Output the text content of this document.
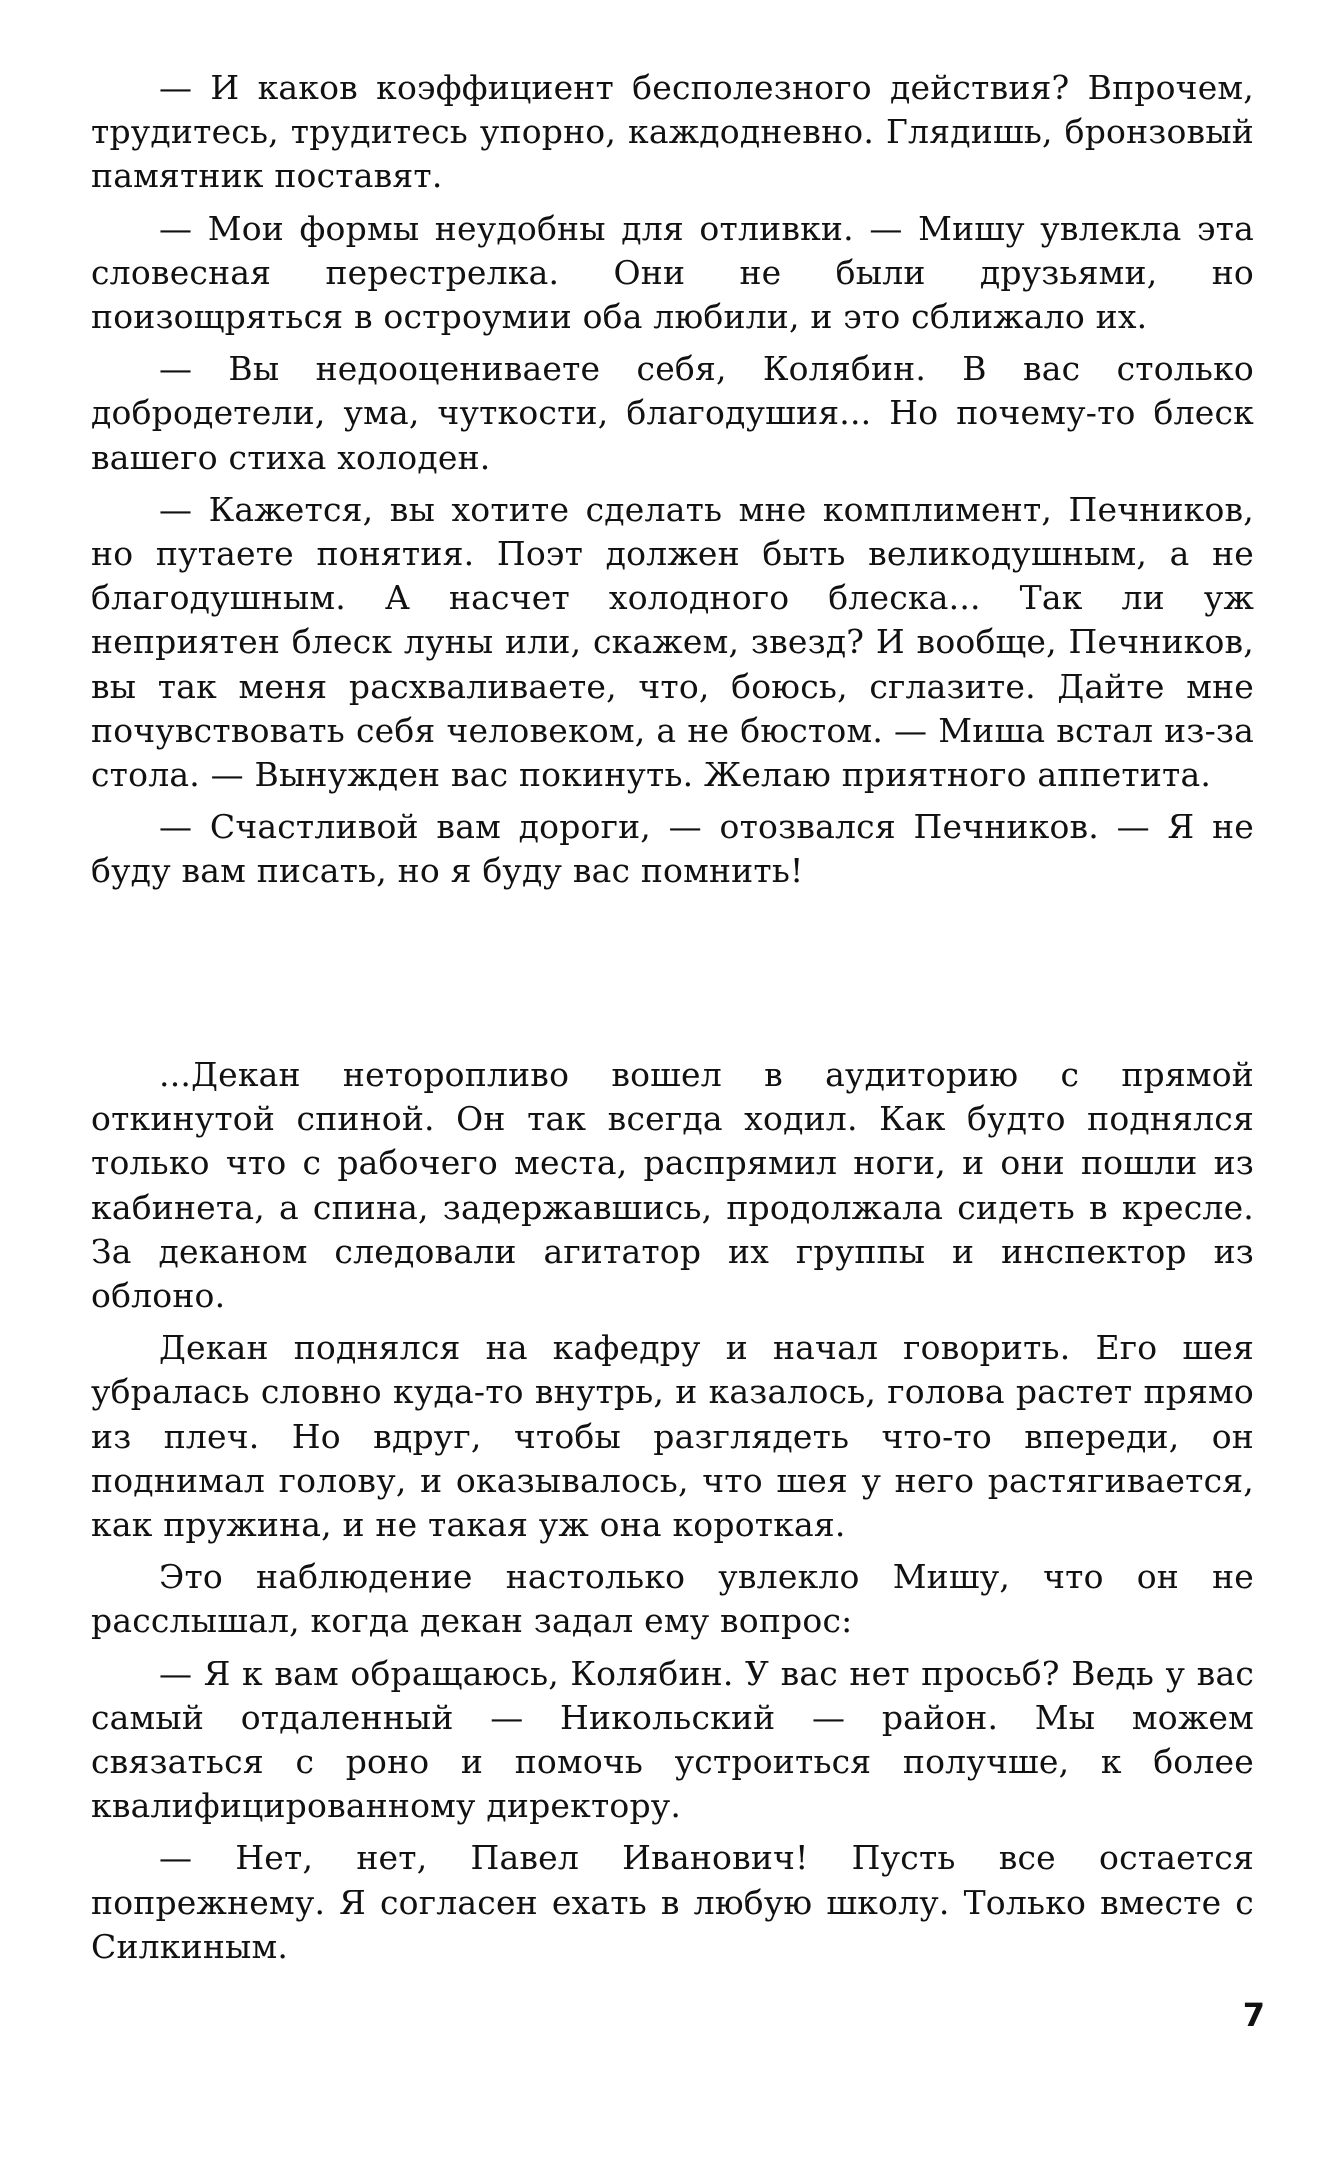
— И каков коэффициент бесполезного действия? Впрочем, трудитесь, трудитесь упорно, каждодневно. Глядишь, бронзовый памятник поставят.

— Мои формы неудобны для отливки. — Мишу увлекла эта словесная перестрелка. Они не были друзьями, но поизощряться в остроумии оба любили, и это сближало их.

— Вы недооцениваете себя, Колябин. В вас столько добродетели, ума, чуткости, благодушия... Но почему-то блеск вашего стиха холоден.

— Кажется, вы хотите сделать мне комплимент, Печников, но путаете понятия. Поэт должен быть великодушным, а не благодушным. А насчет холодного блеска... Так ли уж неприятен блеск луны или, скажем, звезд? И вообще, Печников, вы так меня расхваливаете, что, боюсь, сглазите. Дайте мне почувствовать себя человеком, а не бюстом. — Миша встал из-за стола. — Вынужден вас покинуть. Желаю приятного аппетита.

— Счастливой вам дороги, — отозвался Печников. — Я не буду вам писать, но я буду вас помнить!

...Декан неторопливо вошел в аудиторию с прямой откинутой спиной. Он так всегда ходил. Как будто поднялся только что с рабочего места, распрямил ноги, и они пошли из кабинета, а спина, задержавшись, продолжала сидеть в кресле. За деканом следовали агитатор их группы и инспектор из облоно.

Декан поднялся на кафедру и начал говорить. Его шея убралась словно куда-то внутрь, и казалось, голова растет прямо из плеч. Но вдруг, чтобы разглядеть что-то впереди, он поднимал голову, и оказывалось, что шея у него растягивается, как пружина, и не такая уж она короткая.

Это наблюдение настолько увлекло Мишу, что он не расслышал, когда декан задал ему вопрос:

— Я к вам обращаюсь, Колябин. У вас нет просьб? Ведь у вас самый отдаленный — Никольский — район. Мы можем связаться с роно и помочь устроиться получше, к более квалифицированному директору.

— Нет, нет, Павел Иванович! Пусть все остается попрежнему. Я согласен ехать в любую школу. Только вместе с Силкиным.

7
